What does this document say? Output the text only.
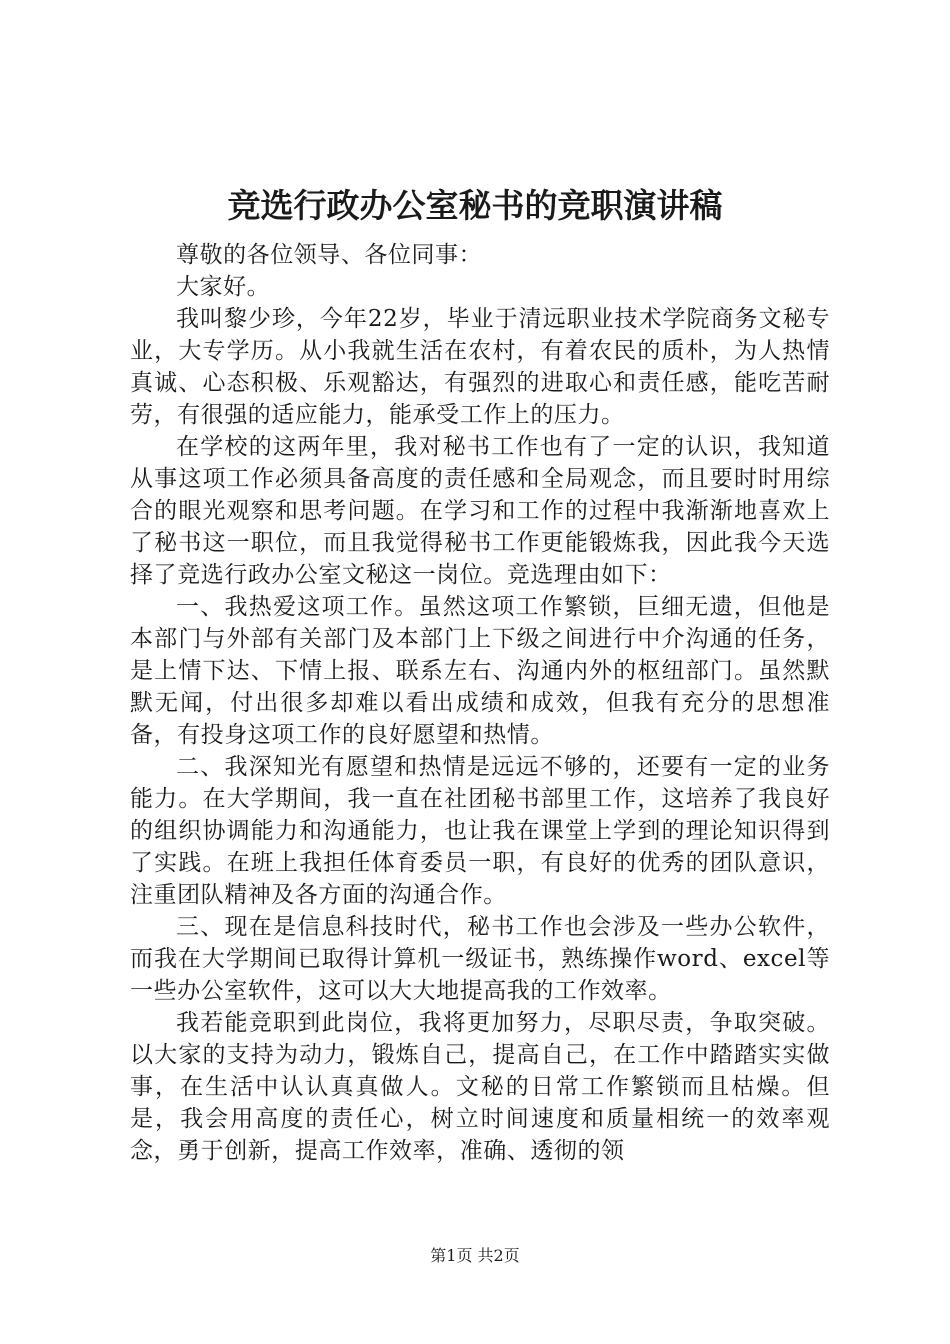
竞选行政办公室秘书的竞职演讲稿

尊敬的各位领导、各位同事：

大家好。

我叫黎少珍，今年22岁，毕业于清远职业技术学院商务文秘专业，大专学历。从小我就生活在农村，有着农民的质朴，为人热情真诚、心态积极、乐观豁达，有强烈的进取心和责任感，能吃苦耐劳，有很强的适应能力，能承受工作上的压力。

在学校的这两年里，我对秘书工作也有了一定的认识，我知道从事这项工作必须具备高度的责任感和全局观念，而且要时时用综合的眼光观察和思考问题。在学习和工作的过程中我渐渐地喜欢上了秘书这一职位，而且我觉得秘书工作更能锻炼我，因此我今天选择了竞选行政办公室文秘这一岗位。竞选理由如下：

一、我热爱这项工作。虽然这项工作繁锁，巨细无遗，但他是本部门与外部有关部门及本部门上下级之间进行中介沟通的任务，是上情下达、下情上报、联系左右、沟通内外的枢纽部门。虽然默默无闻，付出很多却难以看出成绩和成效，但我有充分的思想准备，有投身这项工作的良好愿望和热情。

二、我深知光有愿望和热情是远远不够的，还要有一定的业务能力。在大学期间，我一直在社团秘书部里工作，这培养了我良好的组织协调能力和沟通能力，也让我在课堂上学到的理论知识得到了实践。在班上我担任体育委员一职，有良好的优秀的团队意识，注重团队精神及各方面的沟通合作。

三、现在是信息科技时代，秘书工作也会涉及一些办公软件，而我在大学期间已取得计算机一级证书，熟练操作word、excel等一些办公室软件，这可以大大地提高我的工作效率。

我若能竞职到此岗位，我将更加努力，尽职尽责，争取突破。以大家的支持为动力，锻炼自己，提高自己，在工作中踏踏实实做事，在生活中认认真真做人。文秘的日常工作繁锁而且枯燥。但是，我会用高度的责任心，树立时间速度和质量相统一的效率观念，勇于创新，提高工作效率，准确、透彻的领

第1页 共2页
